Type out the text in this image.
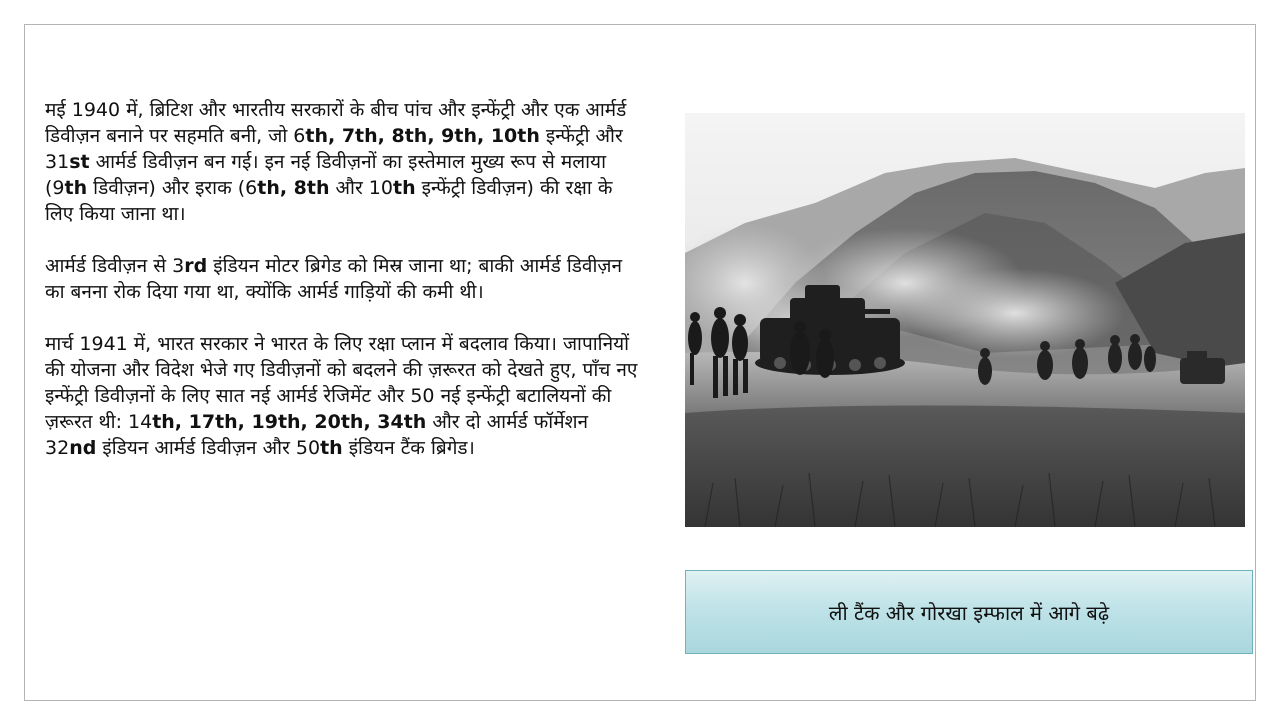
मई 1940 में, ब्रिटिश और भारतीय सरकारों के बीच पांच और इन्फेंट्री और एक आर्मर्ड डिवीज़न बनाने पर सहमति बनी, जो 6th, 7th, 8th, 9th, 10th इन्फेंट्री और 31st आर्मर्ड डिवीज़न बन गई। इन नई डिवीज़नों का इस्तेमाल मुख्य रूप से मलाया (9th डिवीज़न) और इराक (6th, 8th और 10th इन्फेंट्री डिवीज़न) की रक्षा के लिए किया जाना था।

आर्मर्ड डिवीज़न से 3rd इंडियन मोटर ब्रिगेड को मिस्र जाना था; बाकी आर्मर्ड डिवीज़न का बनना रोक दिया गया था, क्योंकि आर्मर्ड गाड़ियों की कमी थी।

मार्च 1941 में, भारत सरकार ने भारत के लिए रक्षा प्लान में बदलाव किया। जापानियों की योजना और विदेश भेजे गए डिवीज़नों को बदलने की ज़रूरत को देखते हुए, पाँच नए इन्फेंट्री डिवीज़नों के लिए सात नई आर्मर्ड रेजिमेंट और 50 नई इन्फेंट्री बटालियनों की ज़रूरत थी: 14th, 17th, 19th, 20th, 34th और दो आर्मर्ड फॉर्मेशन 32nd इंडियन आर्मर्ड डिवीज़न और 50th इंडियन टैंक ब्रिगेड।

ली टैंक और गोरखा इम्फाल में आगे बढ़े
